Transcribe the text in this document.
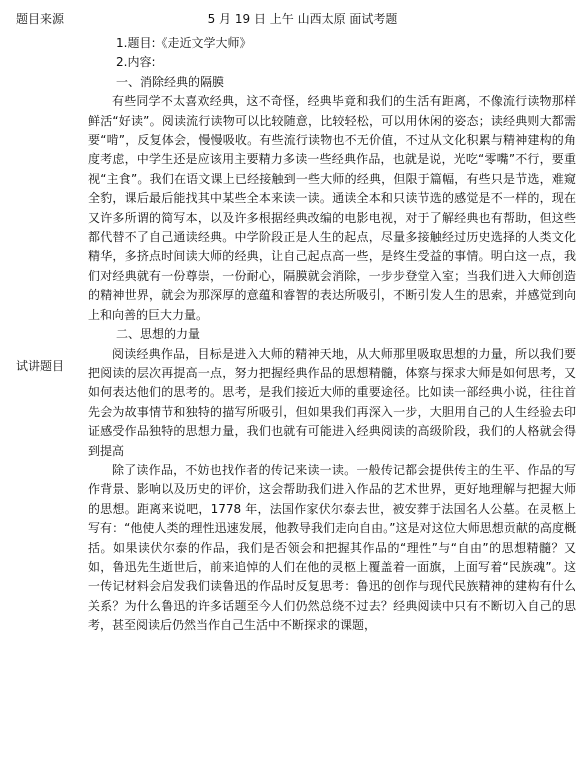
题目来源
试讲题目
5 月 19 日 上午 山西太原 面试考题
1.题目:《走近文学大师》
2.内容:
一、消除经典的隔膜

有些同学不太喜欢经典，这不奇怪，经典毕竟和我们的生活有距离，不像流行读物那样鲜活“好读”。阅读流行读物可以比较随意，比较轻松，可以用休闲的姿态；读经典则大都需要“啃”，反复体会，慢慢吸收。有些流行读物也不无价值，不过从文化积累与精神建构的角度考虑，中学生还是应该用主要精力多读一些经典作品，也就是说，光吃“零嘴”不行，要重视“主食”。我们在语文课上已经接触到一些大师的经典，但限于篇幅，有些只是节选，难窥全豹，课后最后能找其中某些全本来读一读。通读全本和只读节选的感觉是不一样的，现在又许多所谓的简写本，以及许多根据经典改编的电影电视，对于了解经典也有帮助，但这些都代替不了自己通读经典。中学阶段正是人生的起点，尽量多接触经过历史选择的人类文化精华，多挤点时间读大师的经典，让自己起点高一些，是终生受益的事情。明白这一点，我们对经典就有一份尊崇，一份耐心，隔膜就会消除，一步步登堂入室；当我们进入大师创造的精神世界，就会为那深厚的意蕴和睿智的表达所吸引，不断引发人生的思索，并感觉到向上和向善的巨大力量。

二、思想的力量

阅读经典作品，目标是进入大师的精神天地，从大师那里吸取思想的力量，所以我们要把阅读的层次再提高一点，努力把握经典作品的思想精髓，体察与探求大师是如何思考，又如何表达他们的思考的。思考，是我们接近大师的重要途径。比如读一部经典小说，往往首先会为故事情节和独特的描写所吸引，但如果我们再深入一步，大胆用自己的人生经验去印证感受作品独特的思想力量，我们也就有可能进入经典阅读的高级阶段，我们的人格就会得到提高

除了读作品，不妨也找作者的传记来读一读。一般传记都会提供传主的生平、作品的写作背景、影响以及历史的评价，这会帮助我们进入作品的艺术世界，更好地理解与把握大师的思想。距离来说吧，1778 年，法国作家伏尔泰去世，被安葬于法国名人公墓。在灵柩上写有：“他使人类的理性迅速发展，他教导我们走向自由。”这是对这位大师思想贡献的高度概括。如果读伏尔泰的作品，我们是否领会和把握其作品的“理性”与“自由”的思想精髓？又如，鲁迅先生逝世后，前来追悼的人们在他的灵柩上覆盖着一面旗，上面写着“民族魂”。这一传记材料会启发我们读鲁迅的作品时反复思考：鲁迅的创作与现代民族精神的建构有什么关系？为什么鲁迅的许多话题至今人们仍然总绕不过去？经典阅读中只有不断切入自己的思考，甚至阅读后仍然当作自己生活中不断探求的课题，
